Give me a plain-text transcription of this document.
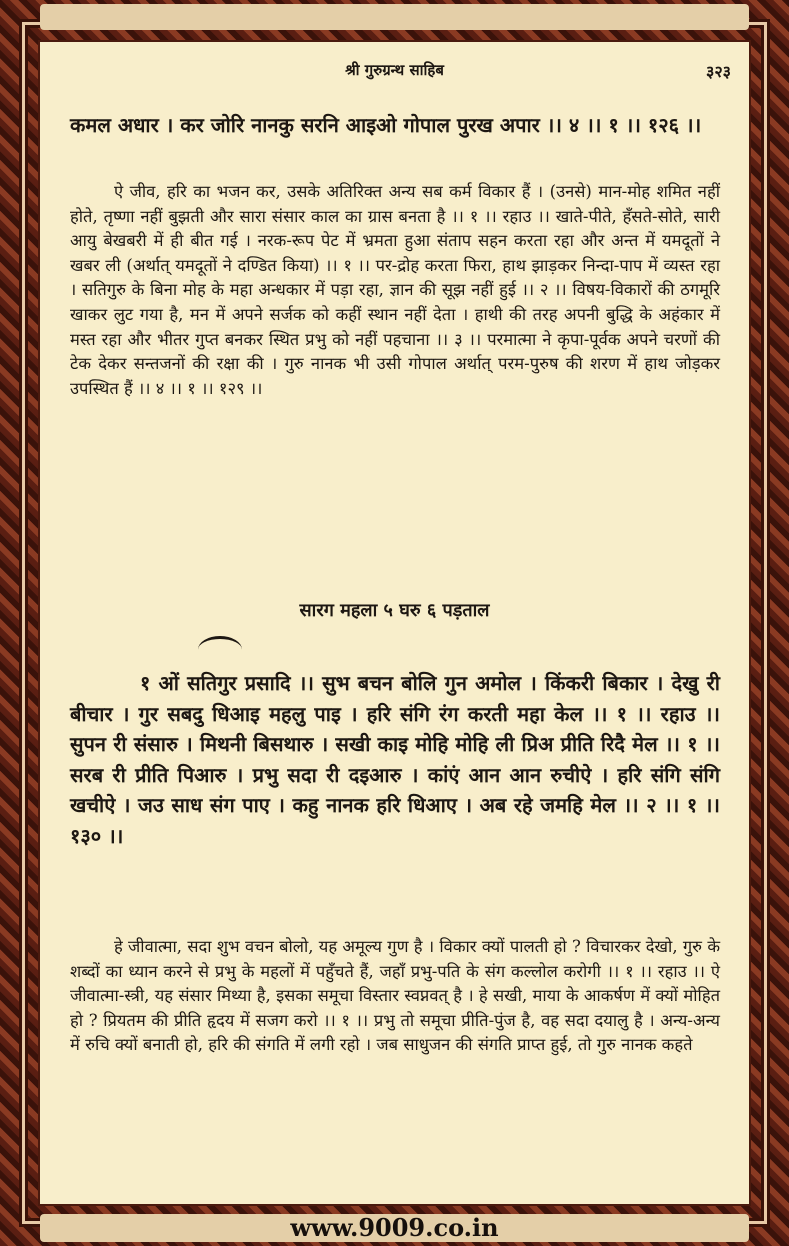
श्री गुरुग्रन्थ साहिब	३२३
कमल अधार । कर जोरि नानकु सरनि आइओ गोपाल पुरख अपार ।। ४ ।। १ ।। १२६ ।।
ऐ जीव, हरि का भजन कर, उसके अतिरिक्त अन्य सब कर्म विकार हैं । (उनसे) मान-मोह शमित नहीं होते, तृष्णा नहीं बुझती और सारा संसार काल का ग्रास बनता है ।। १ ।। रहाउ ।। खाते-पीते, हँसते-सोते, सारी आयु बेखबरी में ही बीत गई । नरक-रूप पेट में भ्रमता हुआ संताप सहन करता रहा और अन्त में यमदूतों ने खबर ली (अर्थात् यमदूतों ने दण्डित किया) ।। १ ।। पर-द्रोह करता फिरा, हाथ झाड़कर निन्दा-पाप में व्यस्त रहा । सतिगुरु के बिना मोह के महा अन्धकार में पड़ा रहा, ज्ञान की सूझ नहीं हुई ।। २ ।। विषय-विकारों की ठगमूरि खाकर लुट गया है, मन में अपने सर्जक को कहीं स्थान नहीं देता । हाथी की तरह अपनी बुद्धि के अहंकार में मस्त रहा और भीतर गुप्त बनकर स्थित प्रभु को नहीं पहचाना ।। ३ ।। परमात्मा ने कृपा-पूर्वक अपने चरणों की टेक देकर सन्तजनों की रक्षा की । गुरु नानक भी उसी गोपाल अर्थात् परम-पुरुष की शरण में हाथ जोड़कर उपस्थित हैं ।। ४ ।। १ ।। १२९ ।।
सारग महला ५ घरु ६ पड़ताल
१ ओं सतिगुर प्रसादि ।। सुभ बचन बोलि गुन अमोल । किंकरी बिकार । देखु री बीचार । गुर सबदु धिआइ महलु पाइ । हरि संगि रंग करती महा केल ।। १ ।। रहाउ ।। सुपन री संसारु । मिथनी बिसथारु । सखी काइ मोहि मोहि ली प्रिअ प्रीति रिदै मेल ।। १ ।। सरब री प्रीति पिआरु । प्रभु सदा री दइआरु । कांएं आन आन रुचीऐ । हरि संगि संगि खचीऐ । जउ साध संग पाए । कहु नानक हरि धिआए । अब रहे जमहि मेल ।। २ ।। १ ।। १३० ।।
हे जीवात्मा, सदा शुभ वचन बोलो, यह अमूल्य गुण है । विकार क्यों पालती हो ? विचारकर देखो, गुरु के शब्दों का ध्यान करने से प्रभु के महलों में पहुँचते हैं, जहाँ प्रभु-पति के संग कल्लोल करोगी ।। १ ।। रहाउ ।। ऐ जीवात्मा-स्त्री, यह संसार मिथ्या है, इसका समूचा विस्तार स्वप्नवत् है । हे सखी, माया के आकर्षण में क्यों मोहित हो ? प्रियतम की प्रीति हृदय में सजग करो ।। १ ।। प्रभु तो समूचा प्रीति-पुंज है, वह सदा दयालु है । अन्य-अन्य में रुचि क्यों बनाती हो, हरि की संगति में लगी रहो । जब साधुजन की संगति प्राप्त हुई, तो गुरु नानक कहते
www.9009.co.in
